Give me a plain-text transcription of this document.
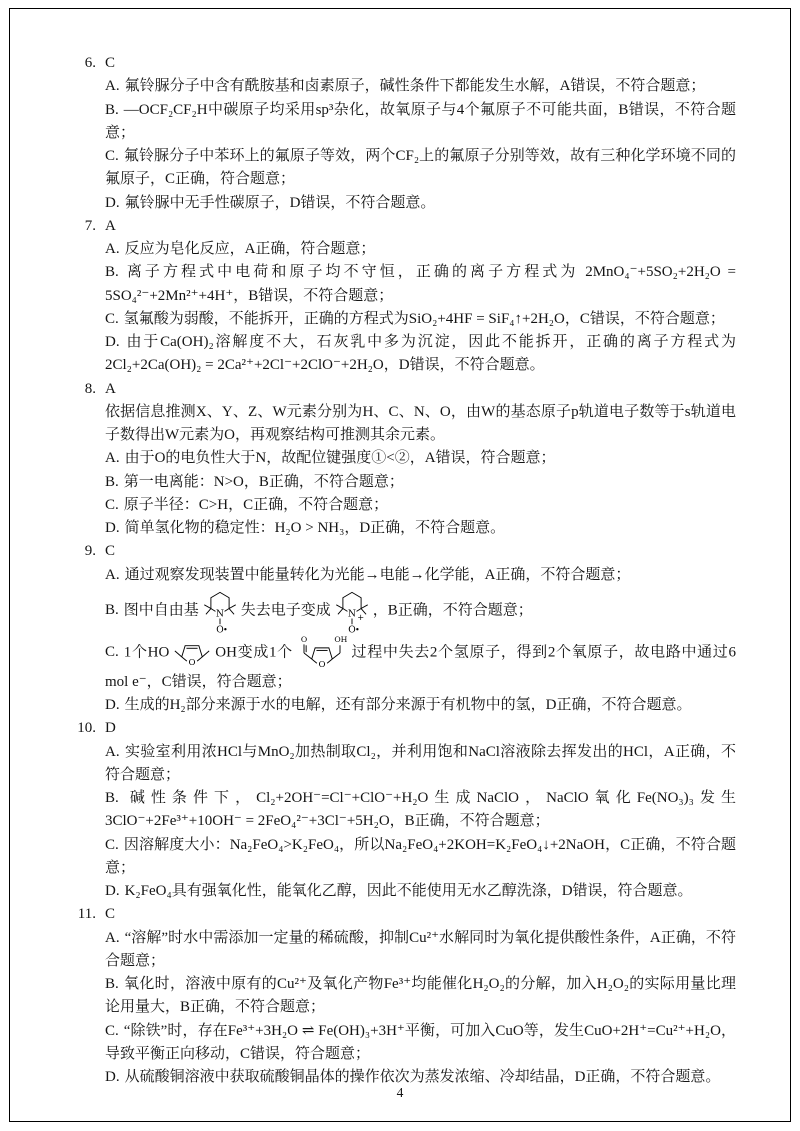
6. C

A. 氟铃脲分子中含有酰胺基和卤素原子，碱性条件下都能发生水解，A错误，不符合题意；

B. —OCF₂CF₂H中碳原子均采用sp³杂化，故氧原子与4个氟原子不可能共面，B错误，不符合题意；

C. 氟铃脲分子中苯环上的氟原子等效，两个CF₂上的氟原子分别等效，故有三种化学环境不同的氟原子，C正确，符合题意；

D. 氟铃脲中无手性碳原子，D错误，不符合题意。

7. A

A. 反应为皂化反应，A正确，符合题意；

B. 离子方程式中电荷和原子均不守恒，正确的离子方程式为 2MnO₄⁻+5SO₂+2H₂O = 5SO₄²⁻+2Mn²⁺+4H⁺，B错误，不符合题意；

C. 氢氟酸为弱酸，不能拆开，正确的方程式为SiO₂+4HF = SiF₄↑+2H₂O，C错误，不符合题意；

D. 由于Ca(OH)₂溶解度不大，石灰乳中多为沉淀，因此不能拆开，正确的离子方程式为2Cl₂+2Ca(OH)₂ = 2Ca²⁺+2Cl⁻+2ClO⁻+2H₂O，D错误，不符合题意。

8. A

依据信息推测X、Y、Z、W元素分别为H、C、N、O，由W的基态原子p轨道电子数等于s轨道电子数得出W元素为O，再观察结构可推测其余元素。

A. 由于O的电负性大于N，故配位键强度①<②，A错误，符合题意；

B. 第一电离能：N>O，B正确，不符合题意；

C. 原子半径：C>H，C正确，不符合题意；

D. 简单氢化物的稳定性：H₂O > NH₃，D正确，不符合题意。

9. C

A. 通过观察发现装置中能量转化为光能→电能→化学能，A正确，不符合题意；

B. 图中自由基 N
O
失去电子变成 N
O
+ ，B正确，不符合题意；

C. 1个HO
O
OH变成1个
O
O	OH
过程中失去2个氢原子，得到2个氧原子，故电路中通过6 mol e⁻，C错误，符合题意；

D. 生成的H₂部分来源于水的电解，还有部分来源于有机物中的氢，D正确，不符合题意。

10. D

A. 实验室利用浓HCl与MnO₂加热制取Cl₂，并利用饱和NaCl溶液除去挥发出的HCl，A正确，不符合题意；

B. 碱性条件下，Cl₂+2OH⁻=Cl⁻+ClO⁻+H₂O生成NaClO，NaClO氧化Fe(NO₃)₃发生3ClO⁻+2Fe³⁺+10OH⁻ = 2FeO₄²⁻+3Cl⁻+5H₂O，B正确，不符合题意；

C. 因溶解度大小：Na₂FeO₄>K₂FeO₄，所以Na₂FeO₄+2KOH=K₂FeO₄↓+2NaOH，C正确，不符合题意；

D. K₂FeO₄具有强氧化性，能氧化乙醇，因此不能使用无水乙醇洗涤，D错误，符合题意。

11. C

A. “溶解”时水中需添加一定量的稀硫酸，抑制Cu²⁺水解同时为氧化提供酸性条件，A正确，不符合题意；

B. 氧化时，溶液中原有的Cu²⁺及氧化产物Fe³⁺均能催化H₂O₂的分解，加入H₂O₂的实际用量比理论用量大，B正确，不符合题意；

C. “除铁”时，存在Fe³⁺+3H₂O ⇌ Fe(OH)₃+3H⁺平衡，可加入CuO等，发生CuO+2H⁺=Cu²⁺+H₂O，导致平衡正向移动，C错误，符合题意；

D. 从硫酸铜溶液中获取硫酸铜晶体的操作依次为蒸发浓缩、冷却结晶，D正确，不符合题意。

4
